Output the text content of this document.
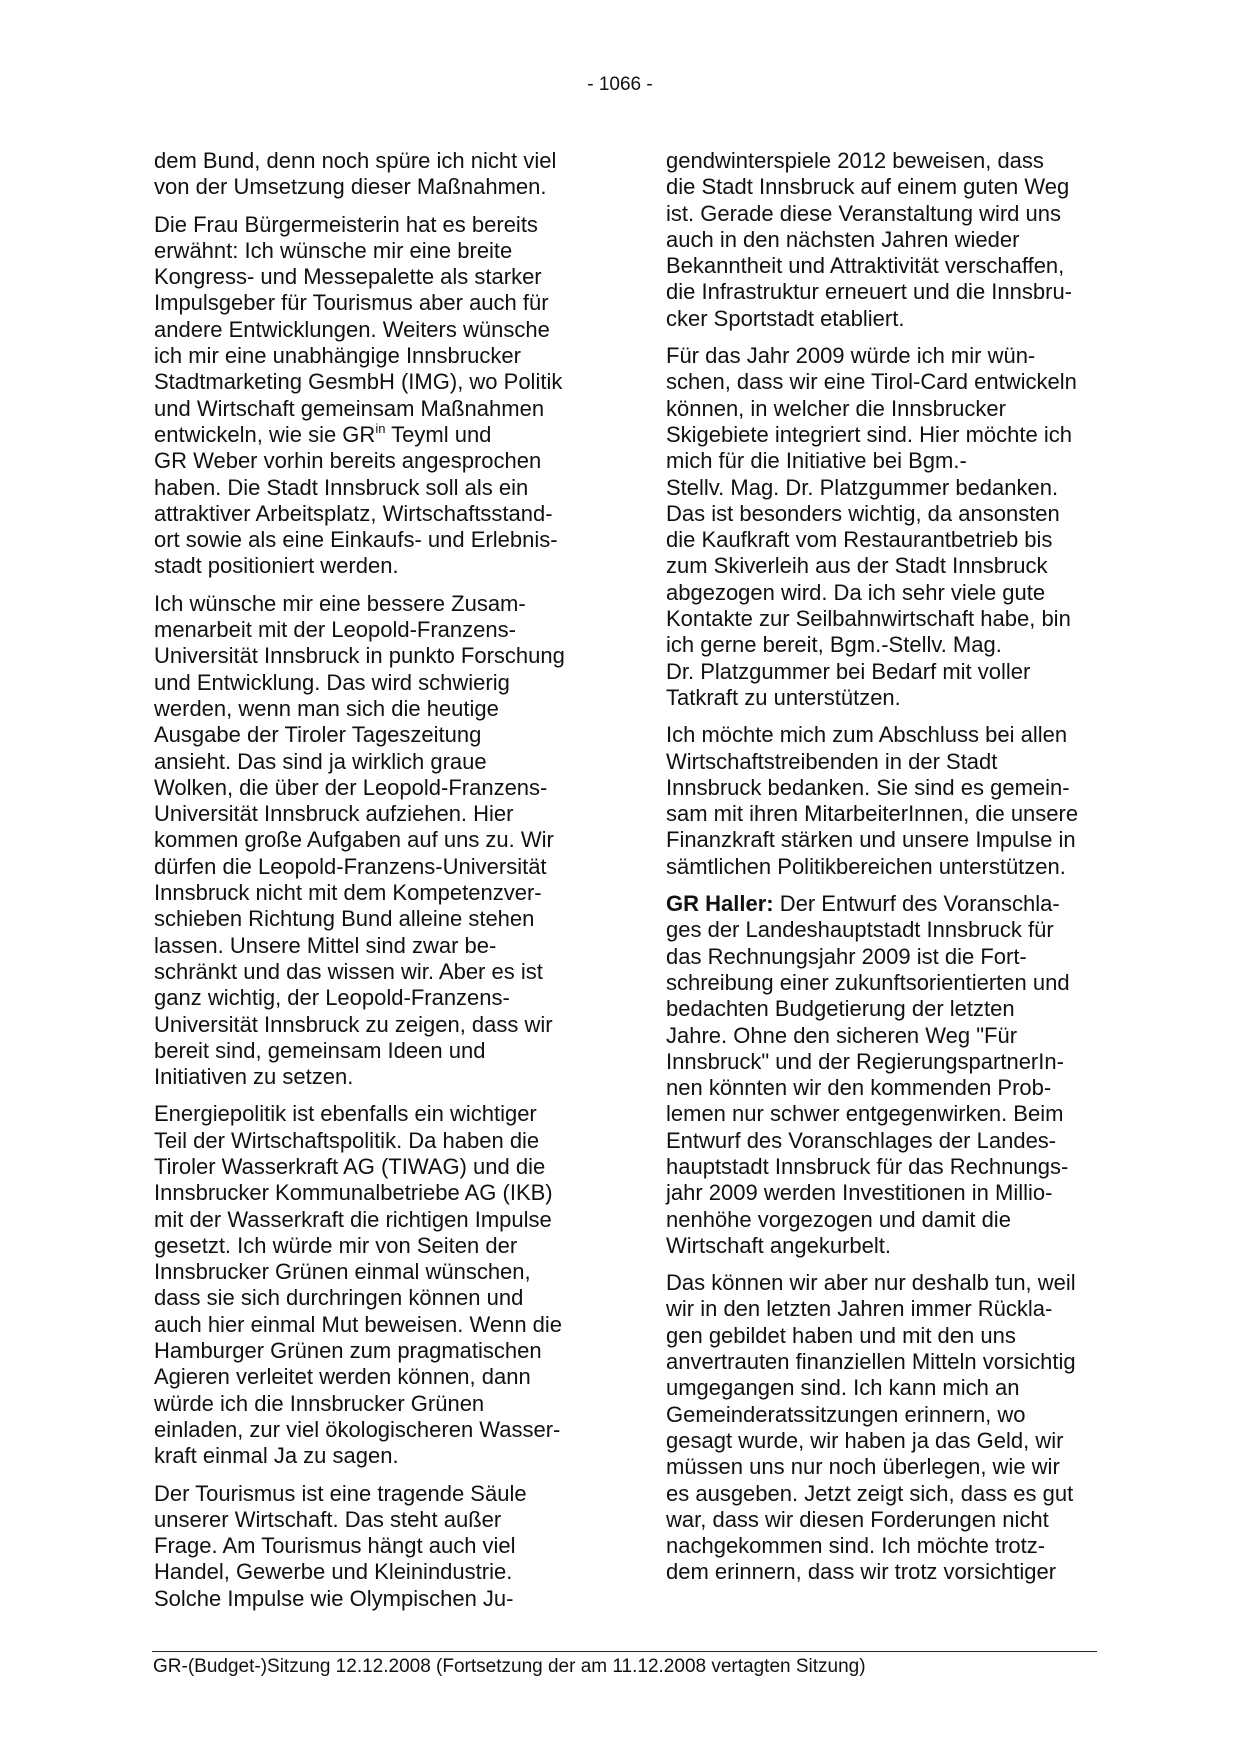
- 1066 -

dem Bund, denn noch spüre ich nicht viel
von der Umsetzung dieser Maßnahmen.

Die Frau Bürgermeisterin hat es bereits
erwähnt: Ich wünsche mir eine breite
Kongress- und Messepalette als starker
Impulsgeber für Tourismus aber auch für
andere Entwicklungen. Weiters wünsche
ich mir eine unabhängige Innsbrucker
Stadtmarketing GesmbH (IMG), wo Politik
und Wirtschaft gemeinsam Maßnahmen
entwickeln, wie sie $GR^{in}$ Teyml und
GR Weber vorhin bereits angesprochen
haben. Die Stadt Innsbruck soll als ein
attraktiver Arbeitsplatz, Wirtschaftsstand-
ort sowie als eine Einkaufs- und Erlebnis-
stadt positioniert werden.

Ich wünsche mir eine bessere Zusam-
menarbeit mit der Leopold-Franzens-
Universität Innsbruck in punkto Forschung
und Entwicklung. Das wird schwierig
werden, wenn man sich die heutige
Ausgabe der Tiroler Tageszeitung
ansieht. Das sind ja wirklich graue
Wolken, die über der Leopold-Franzens-
Universität Innsbruck aufziehen. Hier
kommen große Aufgaben auf uns zu. Wir
dürfen die Leopold-Franzens-Universität
Innsbruck nicht mit dem Kompetenzver-
schieben Richtung Bund alleine stehen
lassen. Unsere Mittel sind zwar be-
schränkt und das wissen wir. Aber es ist
ganz wichtig, der Leopold-Franzens-
Universität Innsbruck zu zeigen, dass wir
bereit sind, gemeinsam Ideen und
Initiativen zu setzen.

Energiepolitik ist ebenfalls ein wichtiger
Teil der Wirtschaftspolitik. Da haben die
Tiroler Wasserkraft AG (TIWAG) und die
Innsbrucker Kommunalbetriebe AG (IKB)
mit der Wasserkraft die richtigen Impulse
gesetzt. Ich würde mir von Seiten der
Innsbrucker Grünen einmal wünschen,
dass sie sich durchringen können und
auch hier einmal Mut beweisen. Wenn die
Hamburger Grünen zum pragmatischen
Agieren verleitet werden können, dann
würde ich die Innsbrucker Grünen
einladen, zur viel ökologischeren Wasser-
kraft einmal Ja zu sagen.

Der Tourismus ist eine tragende Säule
unserer Wirtschaft. Das steht außer
Frage. Am Tourismus hängt auch viel
Handel, Gewerbe und Kleinindustrie.
Solche Impulse wie Olympischen Ju-

gendwinterspiele 2012 beweisen, dass
die Stadt Innsbruck auf einem guten Weg
ist. Gerade diese Veranstaltung wird uns
auch in den nächsten Jahren wieder
Bekanntheit und Attraktivität verschaffen,
die Infrastruktur erneuert und die Innsbru-
cker Sportstadt etabliert.

Für das Jahr 2009 würde ich mir wün-
schen, dass wir eine Tirol-Card entwickeln
können, in welcher die Innsbrucker
Skigebiete integriert sind. Hier möchte ich
mich für die Initiative bei Bgm.-
Stellv. Mag. Dr. Platzgummer bedanken.
Das ist besonders wichtig, da ansonsten
die Kaufkraft vom Restaurantbetrieb bis
zum Skiverleih aus der Stadt Innsbruck
abgezogen wird. Da ich sehr viele gute
Kontakte zur Seilbahnwirtschaft habe, bin
ich gerne bereit, Bgm.-Stellv. Mag.
Dr. Platzgummer bei Bedarf mit voller
Tatkraft zu unterstützen.

Ich möchte mich zum Abschluss bei allen
Wirtschaftstreibenden in der Stadt
Innsbruck bedanken. Sie sind es gemein-
sam mit ihren MitarbeiterInnen, die unsere
Finanzkraft stärken und unsere Impulse in
sämtlichen Politikbereichen unterstützen.

GR Haller: Der Entwurf des Voranschla-
ges der Landeshauptstadt Innsbruck für
das Rechnungsjahr 2009 ist die Fort-
schreibung einer zukunftsorientierten und
bedachten Budgetierung der letzten
Jahre. Ohne den sicheren Weg "Für
Innsbruck" und der RegierungspartnerIn-
nen könnten wir den kommenden Prob-
lemen nur schwer entgegenwirken. Beim
Entwurf des Voranschlages der Landes-
hauptstadt Innsbruck für das Rechnungs-
jahr 2009 werden Investitionen in Millio-
nenhöhe vorgezogen und damit die
Wirtschaft angekurbelt.

Das können wir aber nur deshalb tun, weil
wir in den letzten Jahren immer Rückla-
gen gebildet haben und mit den uns
anvertrauten finanziellen Mitteln vorsichtig
umgegangen sind. Ich kann mich an
Gemeinderatssitzungen erinnern, wo
gesagt wurde, wir haben ja das Geld, wir
müssen uns nur noch überlegen, wie wir
es ausgeben. Jetzt zeigt sich, dass es gut
war, dass wir diesen Forderungen nicht
nachgekommen sind. Ich möchte trotz-
dem erinnern, dass wir trotz vorsichtiger

GR-(Budget-)Sitzung 12.12.2008 (Fortsetzung der am 11.12.2008 vertagten Sitzung)
